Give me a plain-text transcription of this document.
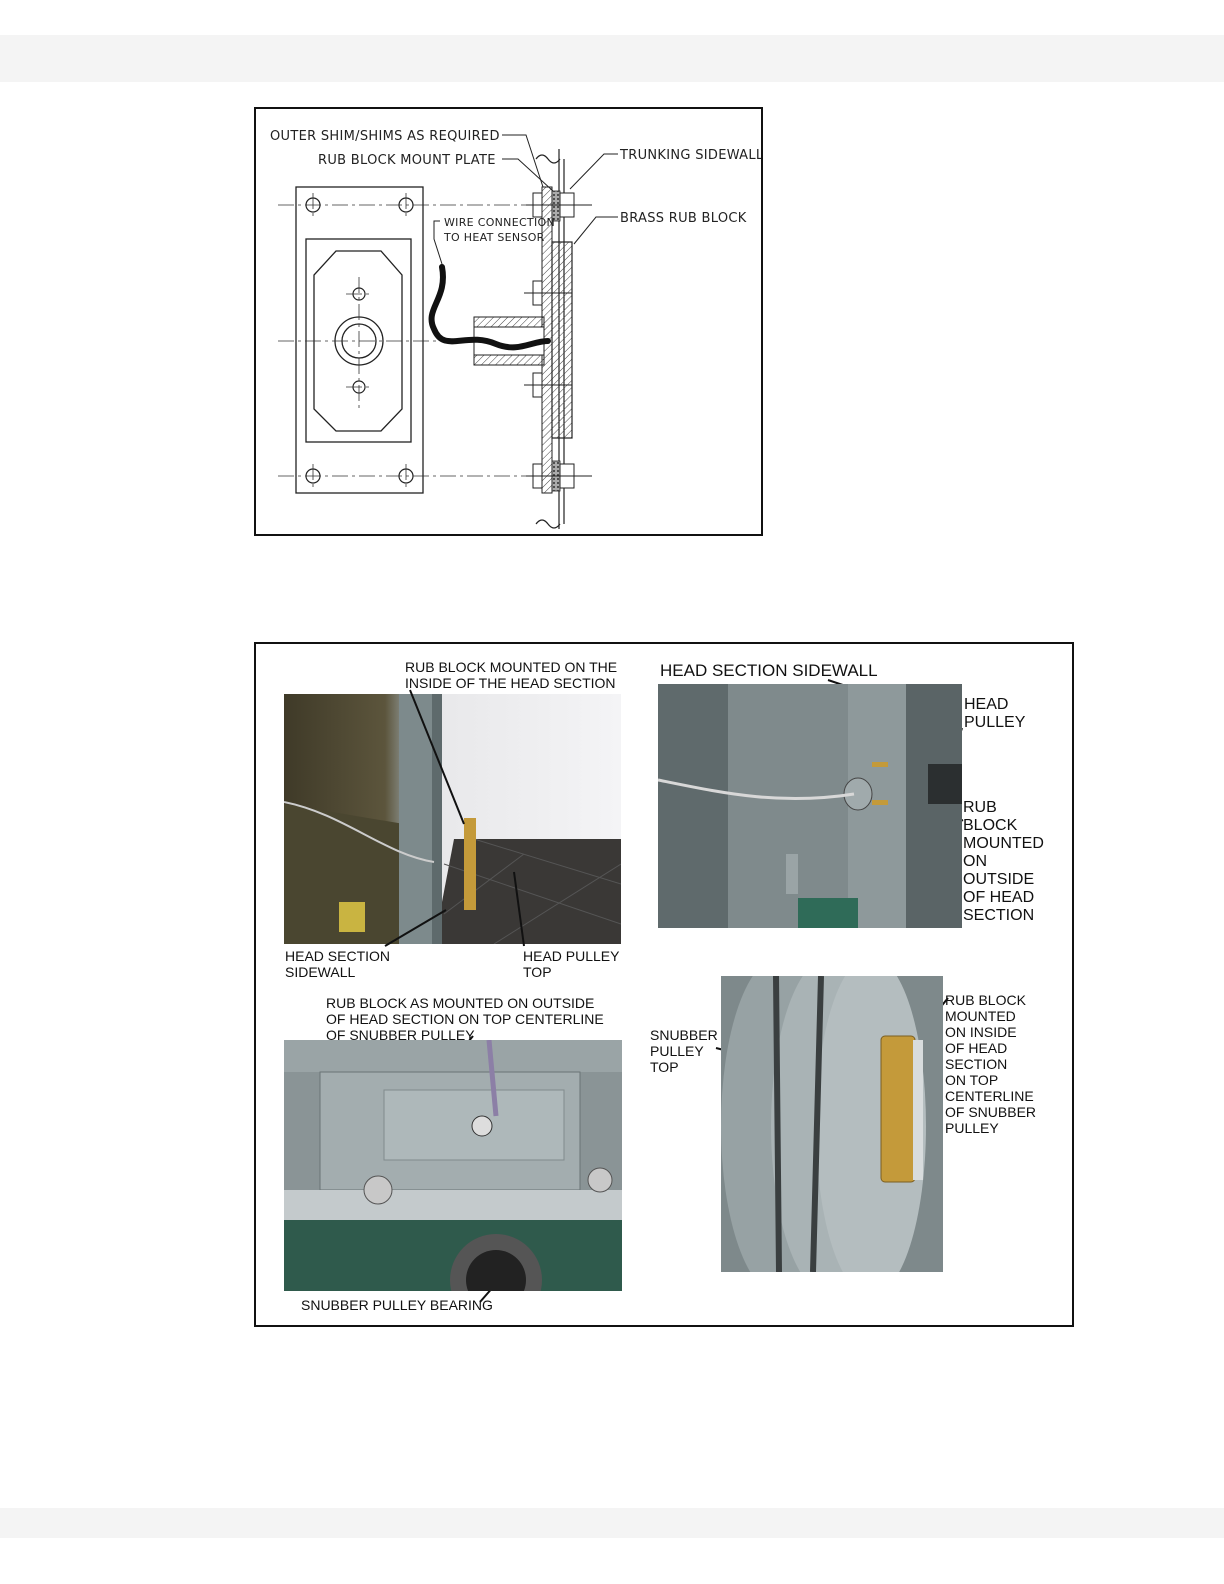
OUTER SHIM/SHIMS AS REQUIRED
RUB BLOCK MOUNT PLATE	TRUNKING SIDEWALL
BRASS RUB BLOCK
WIRE CONNECTION
TO HEAT SENSOR
RUB BLOCK MOUNTED ON THE
INSIDE OF THE HEAD SECTION
HEAD SECTION
SIDEWALL
HEAD PULLEY
TOP
HEAD SECTION SIDEWALL
HEAD
PULLEY
RUB
BLOCK
MOUNTED
ON
OUTSIDE
OF HEAD
SECTION
RUB BLOCK AS MOUNTED ON OUTSIDE
OF HEAD SECTION ON TOP CENTERLINE
OF SNUBBER PULLEY
SNUBBER PULLEY BEARING
SNUBBER
PULLEY
TOP
RUB BLOCK
MOUNTED
ON INSIDE
OF HEAD
SECTION
ON TOP
CENTERLINE
OF SNUBBER
PULLEY
